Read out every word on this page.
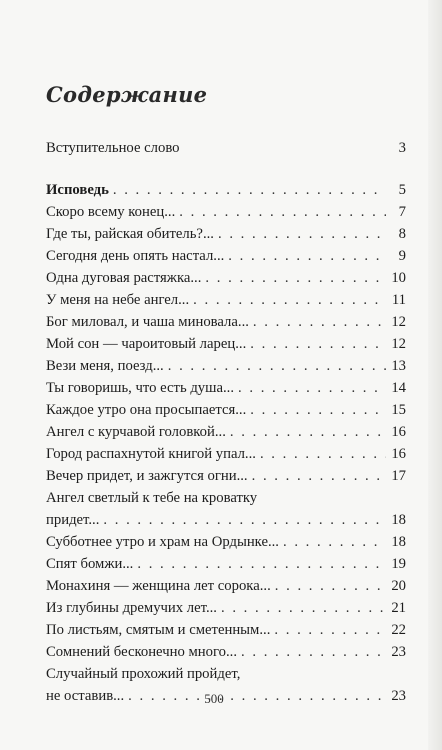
Содержание
Вступительное слово	3
Исповедь . . .	5
Скоро всему конец... . . .	7
Где ты, райская обитель?... . . .	8
Сегодня день опять настал... . . .	9
Одна дуговая растяжка... . . .	10
У меня на небе ангел... . . .	11
Бог миловал, и чаша миновала... . . .	12
Мой сон — чароитовый ларец... . . .	12
Вези меня, поезд... . . .	13
Ты говоришь, что есть душа... . . .	14
Каждое утро она просыпается... . . .	15
Ангел с курчавой головкой... . . .	16
Город распахнутой книгой упал... . . .	16
Вечер придет, и зажгутся огни... . . .	17
Ангел светлый к тебе на кроватку
придет... . . .	18
Субботнее утро и храм на Ордынке... . . .	18
Спят бомжи... . . .	19
Монахиня — женщина лет сорока... . . .	20
Из глубины дремучих лет... . . .	21
По листьям, смятым и сметенным... . . .	22
Сомнений бесконечно много... . . .	23
Случайный прохожий пройдет,
не оставив... . . .	23
500
